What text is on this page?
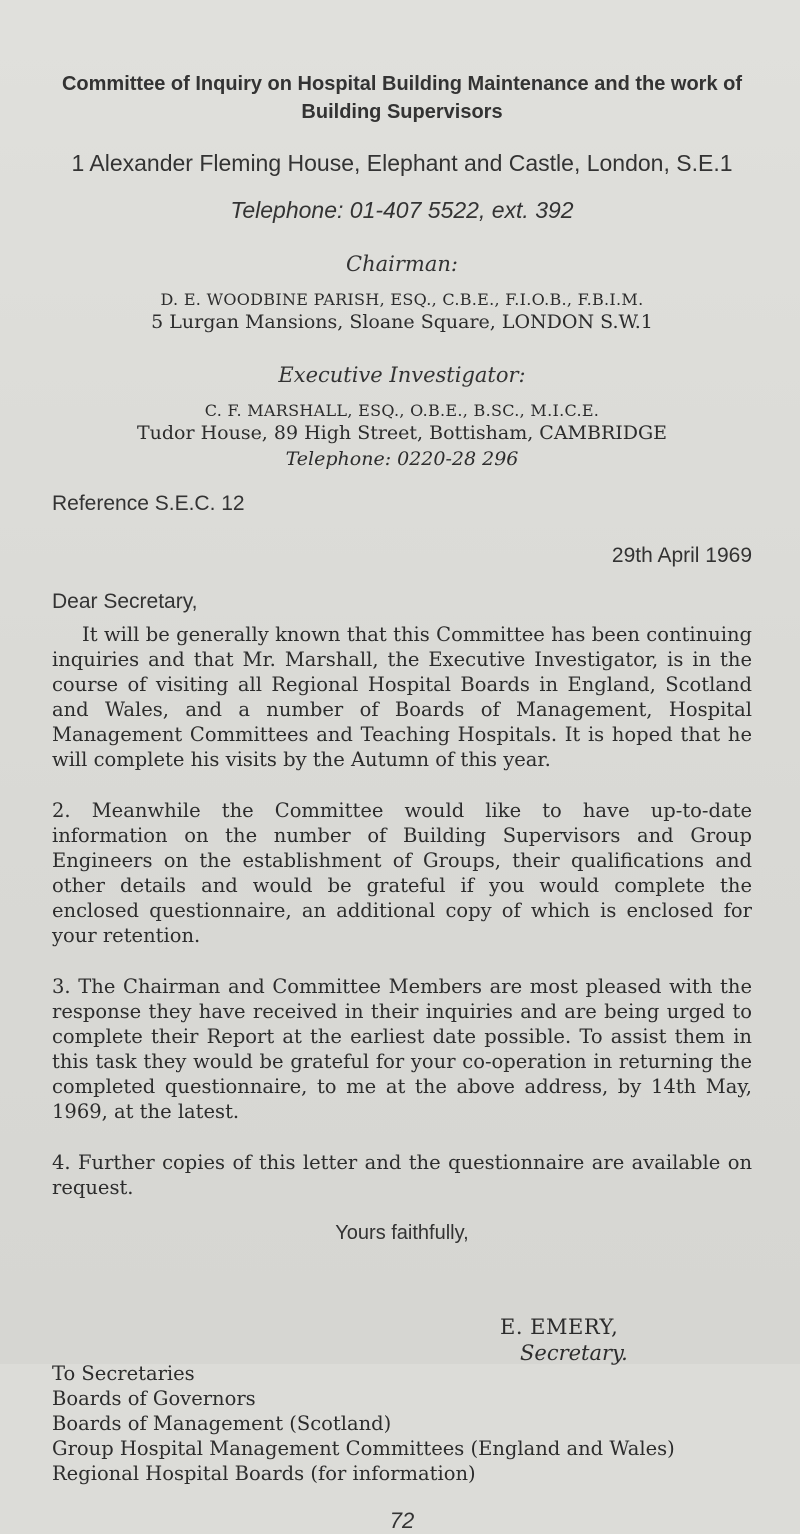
Committee of Inquiry on Hospital Building Maintenance and the work of Building Supervisors
1 Alexander Fleming House, Elephant and Castle, London, S.E.1
Telephone: 01-407 5522, ext. 392
Chairman:
D. E. WOODBINE PARISH, ESQ., C.B.E., F.I.O.B., F.B.I.M.
5 Lurgan Mansions, Sloane Square, LONDON S.W.1
Executive Investigator:
C. F. MARSHALL, ESQ., O.B.E., B.SC., M.I.C.E.
Tudor House, 89 High Street, Bottisham, CAMBRIDGE
Telephone: 0220-28 296
Reference S.E.C. 12
29th April 1969
Dear Secretary,

It will be generally known that this Committee has been continuing inquiries and that Mr. Marshall, the Executive Investigator, is in the course of visiting all Regional Hospital Boards in England, Scotland and Wales, and a number of Boards of Management, Hospital Management Committees and Teaching Hospitals. It is hoped that he will complete his visits by the Autumn of this year.

2. Meanwhile the Committee would like to have up-to-date information on the number of Building Supervisors and Group Engineers on the establishment of Groups, their qualifications and other details and would be grateful if you would complete the enclosed questionnaire, an additional copy of which is enclosed for your retention.

3. The Chairman and Committee Members are most pleased with the response they have received in their inquiries and are being urged to complete their Report at the earliest date possible. To assist them in this task they would be grateful for your co-operation in returning the completed questionnaire, to me at the above address, by 14th May, 1969, at the latest.

4. Further copies of this letter and the questionnaire are available on request.

Yours faithfully,
E. EMERY,
Secretary.
To Secretaries
Boards of Governors
Boards of Management (Scotland)
Group Hospital Management Committees (England and Wales)
Regional Hospital Boards (for information)
72
